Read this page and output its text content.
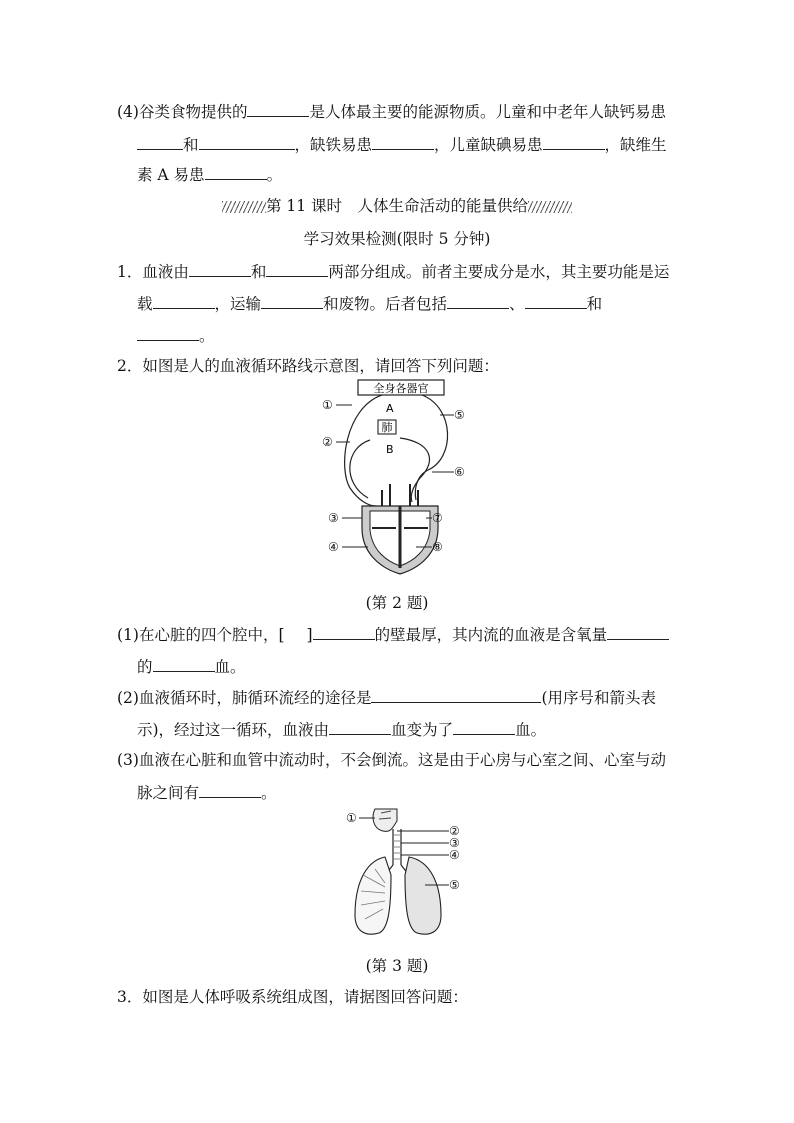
(4)谷类食物提供的	是人体最主要的能源物质。儿童和中老年人缺钙易患
和	，缺铁易患	，儿童缺碘易患	，缺维生
素 A 易患	。
第 11 课时　人体生命活动的能量供给
学习效果检测(限时 5 分钟)
1．血液由	和	两部分组成。前者主要成分是水，其主要功能是运
载	，运输	和废物。后者包括	、	和
。
2．如图是人的血液循环路线示意图，请回答下列问题：
全身各器官
A
肺
B
①
②
③
④
⑤
⑥
⑦
⑧
(第 2 题)
(1)在心脏的四个腔中，[ ]	的壁最厚，其内流的血液是含氧量
的	血。
(2)血液循环时，肺循环流经的途径是	(用序号和箭头表
示)，经过这一循环，血液由	血变为了	血。
(3)血液在心脏和血管中流动时，不会倒流。这是由于心房与心室之间、心室与动
脉之间有	。
①
②
③
④
⑤
(第 3 题)
3．如图是人体呼吸系统组成图，请据图回答问题：
